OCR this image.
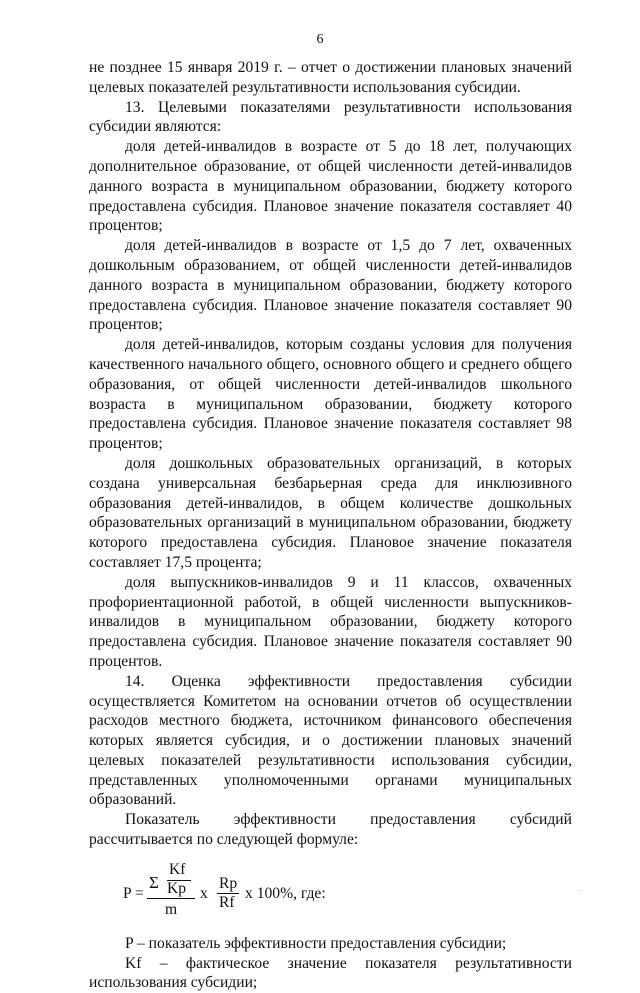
6

не позднее 15 января 2019 г. – отчет о достижении плановых значений целевых показателей результативности использования субсидии.

13. Целевыми показателями результативности использования субсидии являются:

доля детей-инвалидов в возрасте от 5 до 18 лет, получающих дополнительное образование, от общей численности детей-инвалидов данного возраста в муниципальном образовании, бюджету которого предоставлена субсидия. Плановое значение показателя составляет 40 процентов;

доля детей-инвалидов в возрасте от 1,5 до 7 лет, охваченных дошкольным образованием, от общей численности детей-инвалидов данного возраста в муниципальном образовании, бюджету которого предоставлена субсидия. Плановое значение показателя составляет 90 процентов;

доля детей-инвалидов, которым созданы условия для получения качественного начального общего, основного общего и среднего общего образования, от общей численности детей-инвалидов школьного возраста в муниципальном образовании, бюджету которого предоставлена субсидия. Плановое значение показателя составляет 98 процентов;

доля дошкольных образовательных организаций, в которых создана универсальная безбарьерная среда для инклюзивного образования детей-инвалидов, в общем количестве дошкольных образовательных организаций в муниципальном образовании, бюджету которого предоставлена субсидия. Плановое значение показателя составляет 17,5 процента;

доля выпускников-инвалидов 9 и 11 классов, охваченных профориентационной работой, в общей численности выпускников-инвалидов в муниципальном образовании, бюджету которого предоставлена субсидия. Плановое значение показателя составляет 90 процентов.

14. Оценка эффективности предоставления субсидии осуществляется Комитетом на основании отчетов об осуществлении расходов местного бюджета, источником финансового обеспечения которых является субсидия, и о достижении плановых значений целевых показателей результативности использования субсидии, представленных уполномоченными органами муниципальных образований.

Показатель эффективности предоставления субсидий рассчитывается по следующей формуле:

P =
Σ
Kf
Kp
m
х
Rp
Rf
х 100%, где:

P – показатель эффективности предоставления субсидии;

Kf – фактическое значение показателя результативности использования субсидии;

.
